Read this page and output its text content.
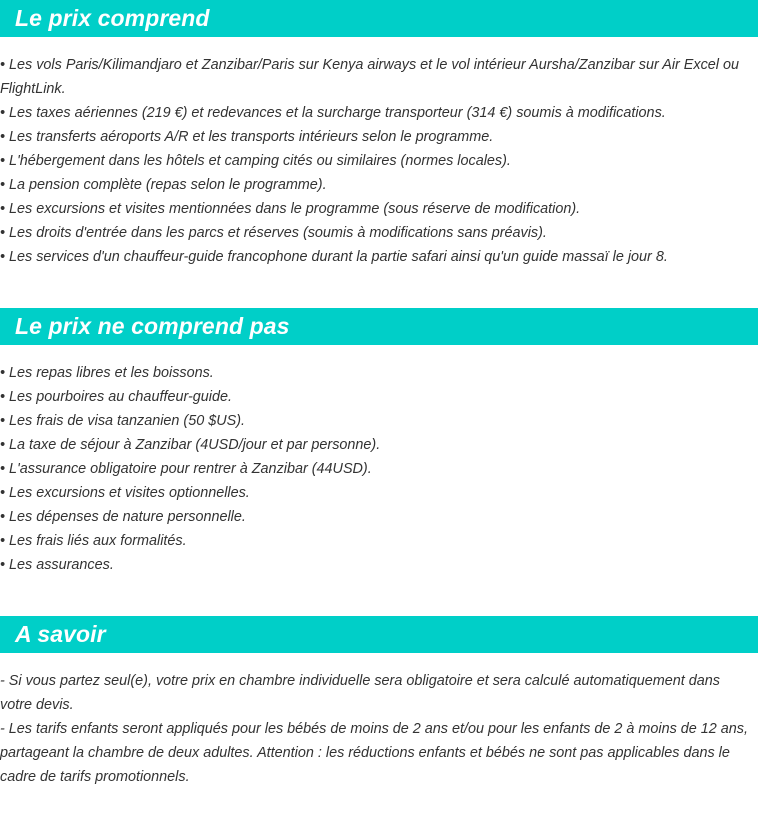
Le prix comprend
• Les vols Paris/Kilimandjaro et Zanzibar/Paris sur Kenya airways et le vol intérieur Aursha/Zanzibar sur Air Excel ou FlightLink.
• Les taxes aériennes (219 €) et redevances et la surcharge transporteur (314 €) soumis à modifications.
• Les transferts aéroports A/R et les transports intérieurs selon le programme.
• L'hébergement dans les hôtels et camping cités ou similaires (normes locales).
• La pension complète (repas selon le programme).
• Les excursions et visites mentionnées dans le programme (sous réserve de modification).
• Les droits d'entrée dans les parcs et réserves (soumis à modifications sans préavis).
• Les services d'un chauffeur-guide francophone durant la partie safari ainsi qu'un guide massaï le jour 8.
Le prix ne comprend pas
• Les repas libres et les boissons.
• Les pourboires au chauffeur-guide.
• Les frais de visa tanzanien (50 $US).
• La taxe de séjour à Zanzibar (4USD/jour et par personne).
• L'assurance obligatoire pour rentrer à Zanzibar (44USD).
• Les excursions et visites optionnelles.
• Les dépenses de nature personnelle.
• Les frais liés aux formalités.
• Les assurances.
A savoir
- Si vous partez seul(e), votre prix en chambre individuelle sera obligatoire et sera calculé automatiquement dans votre devis.
- Les tarifs enfants seront appliqués pour les bébés de moins de 2 ans et/ou pour les enfants de 2 à moins de 12 ans, partageant la chambre de deux adultes. Attention : les réductions enfants et bébés ne sont pas applicables dans le cadre de tarifs promotionnels.
